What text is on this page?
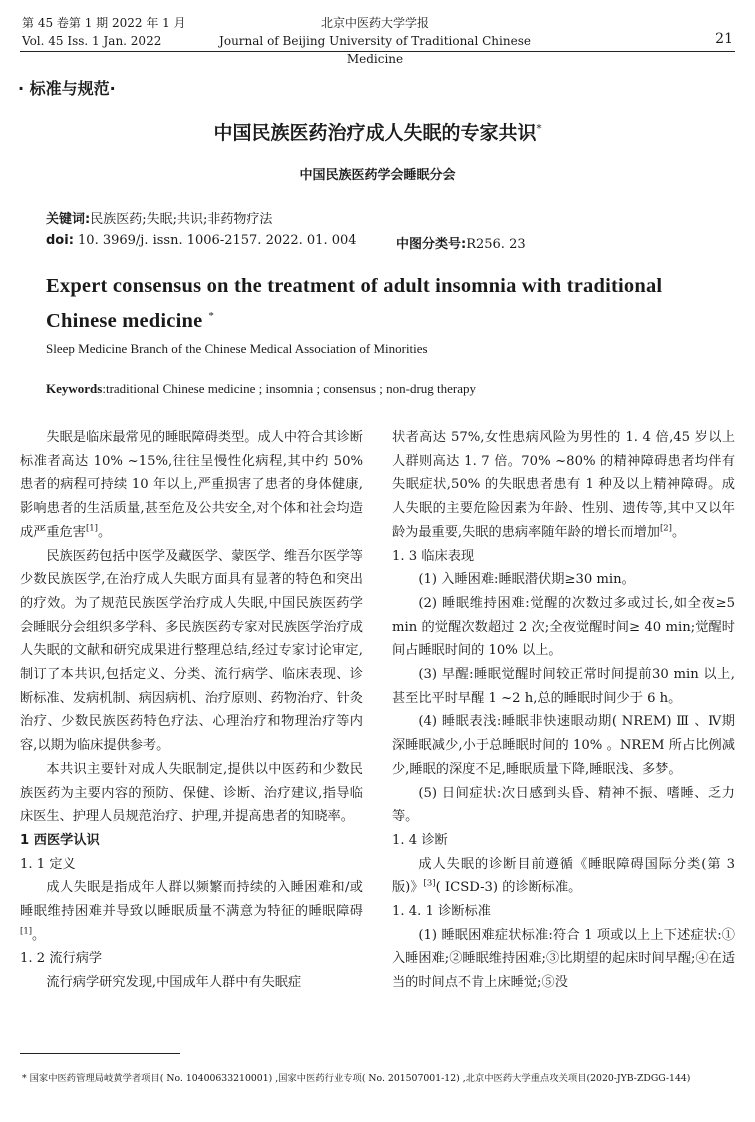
第 45 卷第 1 期 2022 年 1 月
Vol. 45 Iss. 1 Jan. 2022
北京中医药大学学报
Journal of Beijing University of Traditional Chinese Medicine
21
· 标准与规范·
中国民族医药治疗成人失眠的专家共识*
中国民族医药学会睡眠分会
关键词:民族医药;失眠;共识;非药物疗法
doi: 10. 3969/j. issn. 1006-2157. 2022. 01. 004	中图分类号:R256. 23
Expert consensus on the treatment of adult insomnia with traditional Chinese medicine *
Sleep Medicine Branch of the Chinese Medical Association of Minorities
Keywords:traditional Chinese medicine ; insomnia ; consensus ; non-drug therapy

失眠是临床最常见的睡眠障碍类型。成人中符合其诊断标准者高达 10% ~15%,往往呈慢性化病程,其中约 50% 患者的病程可持续 10 年以上,严重损害了患者的身体健康,影响患者的生活质量,甚至危及公共安全,对个体和社会均造成严重危害[1]。

民族医药包括中医学及藏医学、蒙医学、维吾尔医学等少数民族医学,在治疗成人失眠方面具有显著的特色和突出的疗效。为了规范民族医学治疗成人失眠,中国民族医药学会睡眠分会组织多学科、多民族医药专家对民族医学治疗成人失眠的文献和研究成果进行整理总结,经过专家讨论审定,制订了本共识,包括定义、分类、流行病学、临床表现、诊断标准、发病机制、病因病机、治疗原则、药物治疗、针灸治疗、少数民族医药特色疗法、心理治疗和物理治疗等内容,以期为临床提供参考。

本共识主要针对成人失眠制定,提供以中医药和少数民族医药为主要内容的预防、保健、诊断、治疗建议,指导临床医生、护理人员规范治疗、护理,并提高患者的知晓率。

1 西医学认识
1. 1 定义

成人失眠是指成年人群以频繁而持续的入睡困难和/或睡眠维持困难并导致以睡眠质量不满意为特征的睡眠障碍[1]。

1. 2 流行病学

流行病学研究发现,中国成年人群中有失眠症

状者高达 57%,女性患病风险为男性的 1. 4 倍,45 岁以上人群则高达 1. 7 倍。70% ~80% 的精神障碍患者均伴有失眠症状,50% 的失眠患者患有 1 种及以上精神障碍。成人失眠的主要危险因素为年龄、性别、遗传等,其中又以年龄为最重要,失眠的患病率随年龄的增长而增加[2]。

1. 3 临床表现

(1) 入睡困难:睡眠潜伏期≥30 min。

(2) 睡眠维持困难:觉醒的次数过多或过长,如全夜≥5 min 的觉醒次数超过 2 次;全夜觉醒时间≥ 40 min;觉醒时间占睡眠时间的 10% 以上。

(3) 早醒:睡眠觉醒时间较正常时间提前30 min 以上,甚至比平时早醒 1 ~2 h,总的睡眠时间少于 6 h。

(4) 睡眠表浅:睡眠非快速眼动期( NREM) Ⅲ 、Ⅳ期深睡眠减少,小于总睡眠时间的 10% 。NREM 所占比例减少,睡眠的深度不足,睡眠质量下降,睡眠浅、多梦。

(5) 日间症状:次日感到头昏、精神不振、嗜睡、乏力等。

1. 4 诊断

成人失眠的诊断目前遵循《睡眠障碍国际分类(第 3 版)》[3]( ICSD-3) 的诊断标准。

1. 4. 1 诊断标准

(1) 睡眠困难症状标准:符合 1 项或以上上下述症状:①入睡困难;②睡眠维持困难;③比期望的起床时间早醒;④在适当的时间点不肯上床睡觉;⑤没

* 国家中医药管理局岐黄学者项目( No. 10400633210001) ,国家中医药行业专项( No. 201507001-12) ,北京中医药大学重点攻关项目(2020-JYB-ZDGG-144)
